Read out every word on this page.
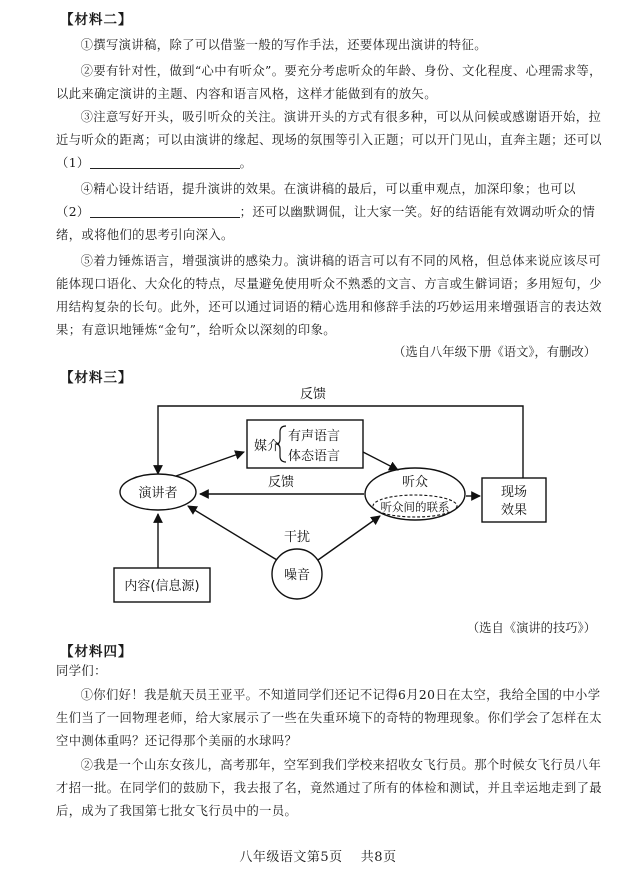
【材料二】

①撰写演讲稿，除了可以借鉴一般的写作手法，还要体现出演讲的特征。

②要有针对性，做到“心中有听众”。要充分考虑听众的年龄、身份、文化程度、心理需求等，以此来确定演讲的主题、内容和语言风格，这样才能做到有的放矢。

③注意写好开头，吸引听众的关注。演讲开头的方式有很多种，可以从问候或感谢语开始，拉近与听众的距离；可以由演讲的缘起、现场的氛围等引入正题；可以开门见山，直奔主题；还可以 （1）	。

④精心设计结语，提升演讲的效果。在演讲稿的最后，可以重申观点，加深印象；也可以（2）	；还可以幽默调侃，让大家一笑。好的结语能有效调动听众的情绪，或将他们的思考引向深入。

⑤着力锤炼语言，增强演讲的感染力。演讲稿的语言可以有不同的风格，但总体来说应该尽可能体现口语化、大众化的特点，尽量避免使用听众不熟悉的文言、方言或生僻词语；多用短句，少用结构复杂的长句。此外，还可以通过词语的精心选用和修辞手法的巧妙运用来增强语言的表达效果；有意识地锤炼“金句”，给听众以深刻的印象。

（选自八年级下册《语文》，有删改）
【材料三】
反馈
媒介
有声语言
体态语言
演讲者
听众
听众间的联系
现场
效果
反馈
噪音
干扰
内容(信息源)
（选自《演讲的技巧》）
【材料四】

同学们：

①你们好！我是航天员王亚平。不知道同学们还记不记得6月20日在太空，我给全国的中小学生们当了一回物理老师，给大家展示了一些在失重环境下的奇特的物理现象。你们学会了怎样在太空中测体重吗？还记得那个美丽的水球吗？

②我是一个山东女孩儿，高考那年，空军到我们学校来招收女飞行员。那个时候女飞行员八年才招一批。在同学们的鼓励下，我去报了名，竟然通过了所有的体检和测试，并且幸运地走到了最后，成为了我国第七批女飞行员中的一员。

八年级语文第5页　 共8页
